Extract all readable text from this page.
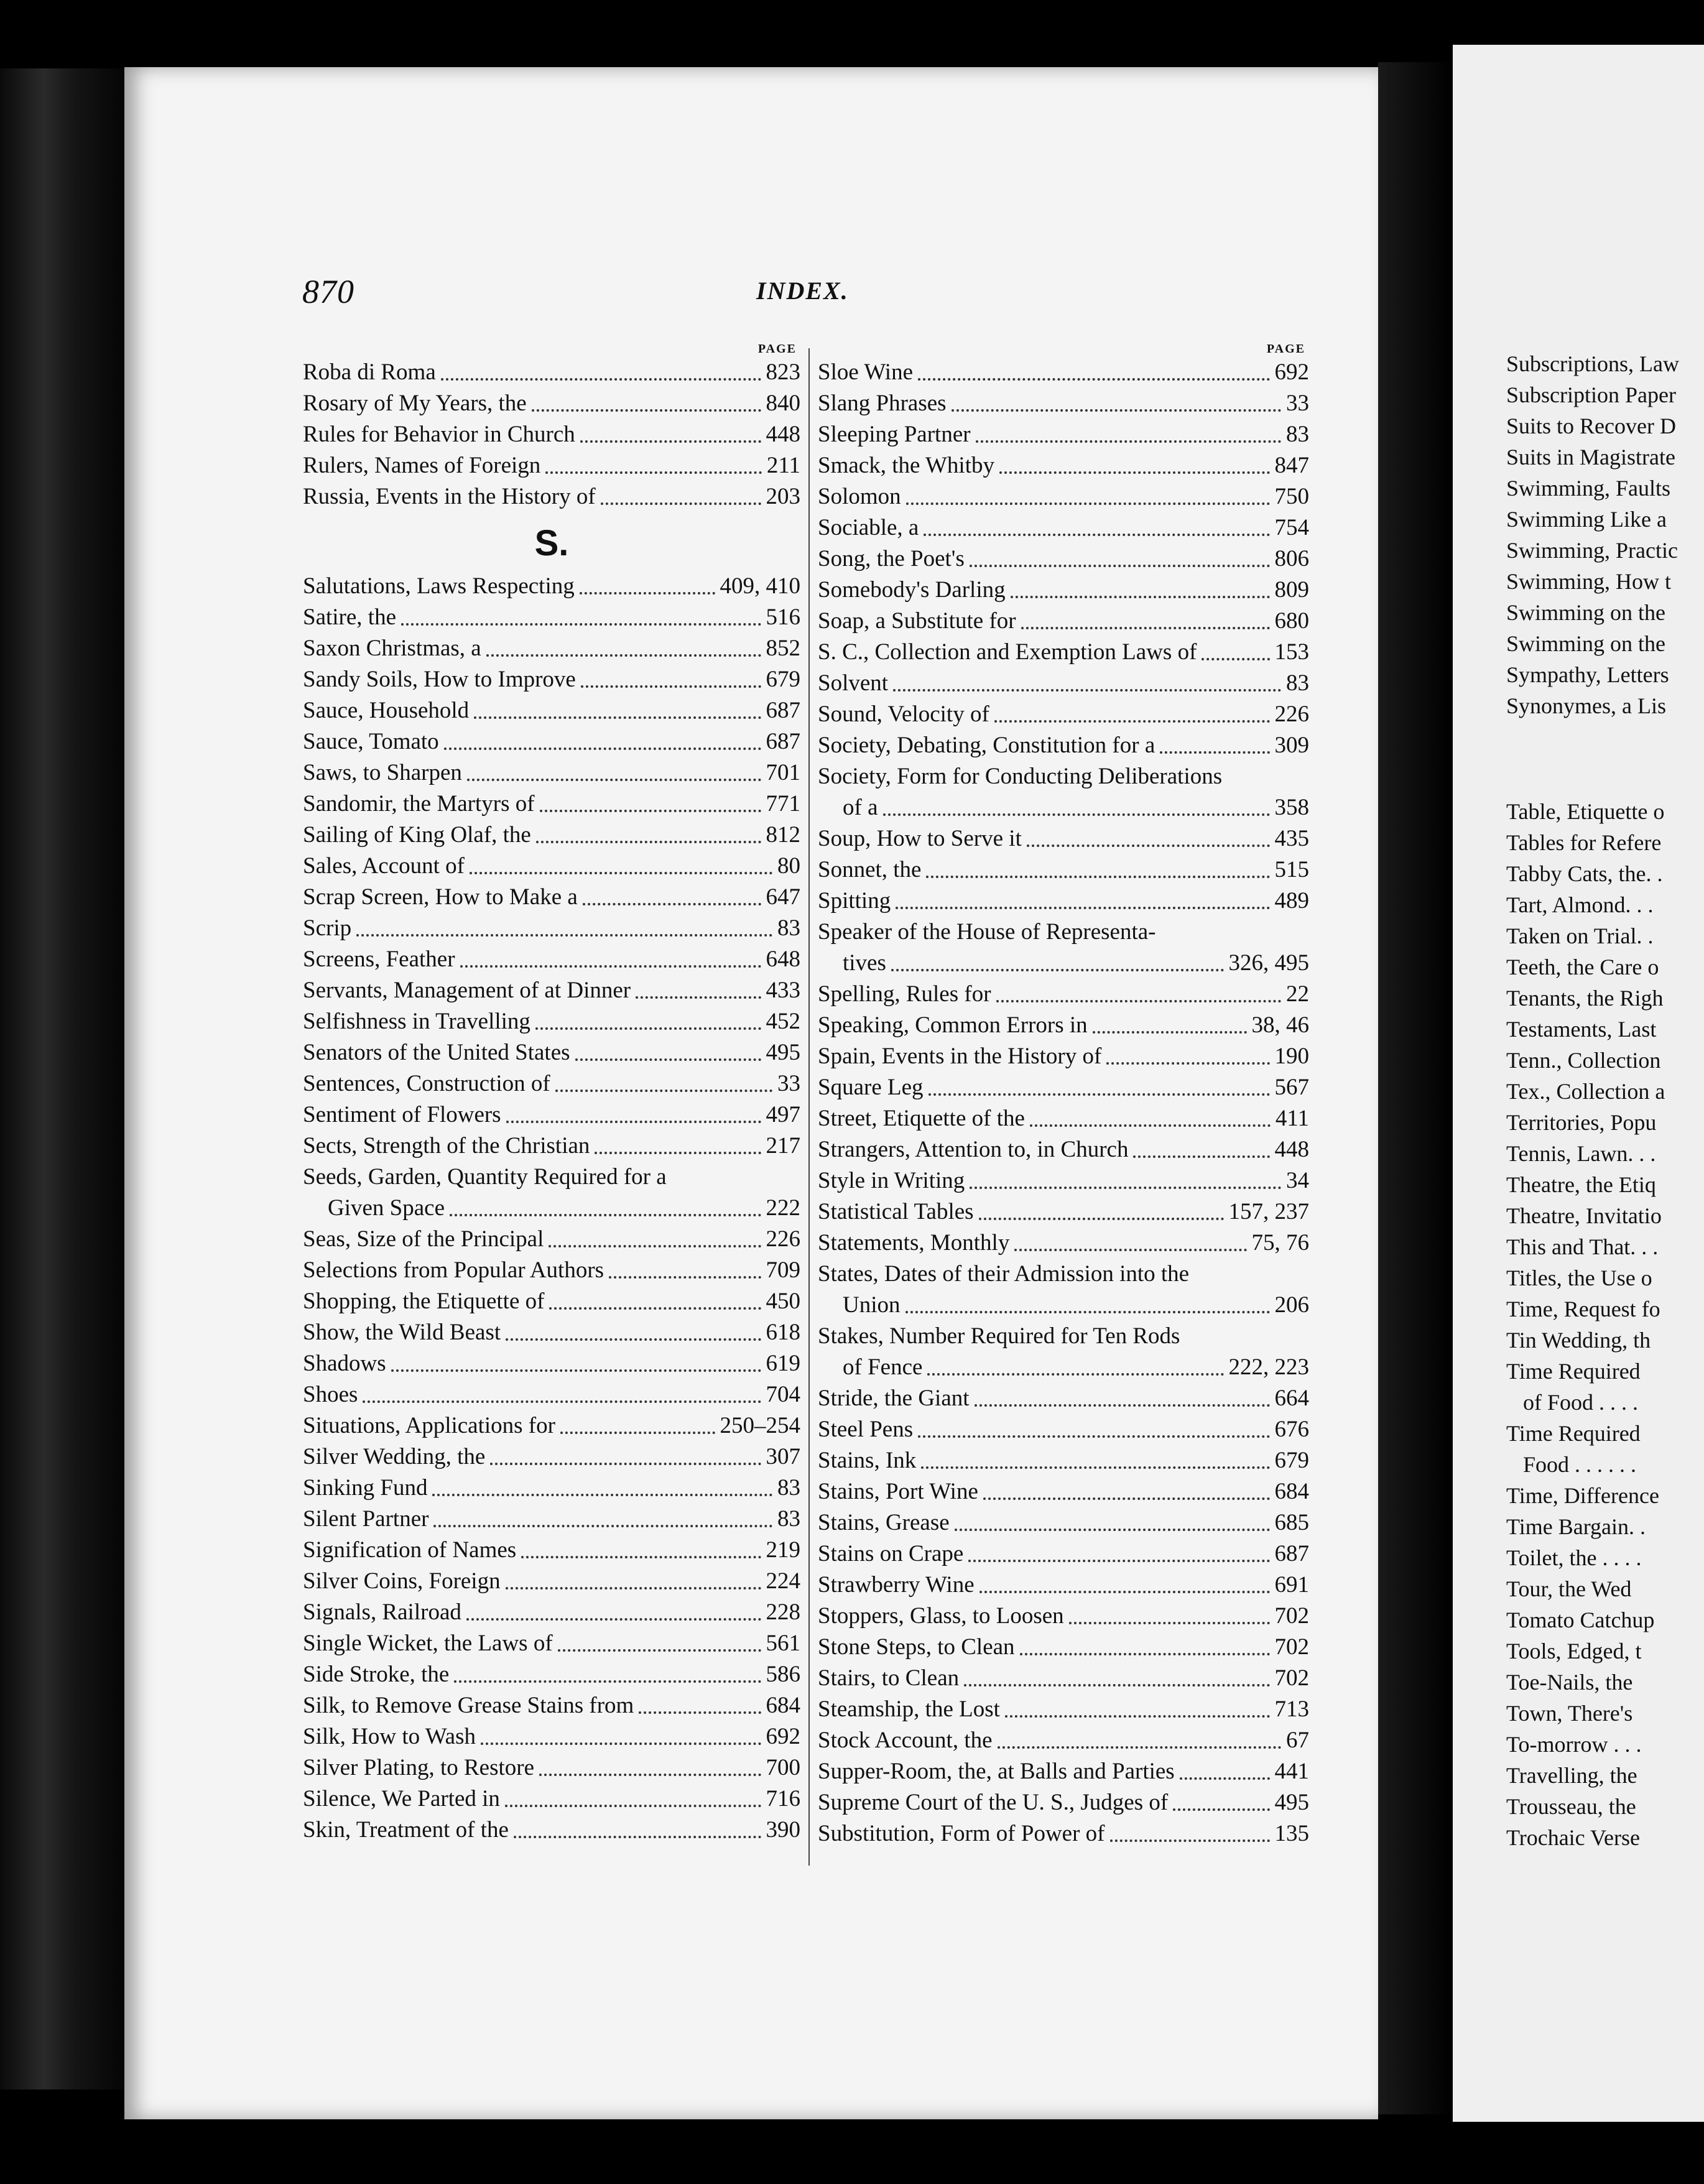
Subscriptions, Law
Subscription Paper
Suits to Recover D
Suits in Magistrate
Swimming, Faults
Swimming Like a
Swimming, Practic
Swimming, How t
Swimming on the
Swimming on the
Sympathy, Letters
Synonymes, a Lis
Table, Etiquette o
Tables for Refere
Tabby Cats, the. .
Tart, Almond. . .
Taken on Trial. .
Teeth, the Care o
Tenants, the Righ
Testaments, Last
Tenn., Collection
Tex., Collection a
Territories, Popu
Tennis, Lawn. . .
Theatre, the Etiq
Theatre, Invitatio
This and That. . .
Titles, the Use o
Time, Request fo
Tin Wedding, th
Time Required
of Food . . . .
Time Required
Food . . . . . .
Time, Difference
Time Bargain. .
Toilet, the . . . .
Tour, the Wed
Tomato Catchup
Tools, Edged, t
Toe-Nails, the
Town, There's
To-morrow . . .
Travelling, the
Trousseau, the
Trochaic Verse
870	INDEX.
PAGE
Roba di Roma	823
Rosary of My Years, the	840
Rules for Behavior in Church	448
Rulers, Names of Foreign	211
Russia, Events in the History of	203
S.
Salutations, Laws Respecting	409, 410
Satire, the	516
Saxon Christmas, a	852
Sandy Soils, How to Improve	679
Sauce, Household	687
Sauce, Tomato	687
Saws, to Sharpen	701
Sandomir, the Martyrs of	771
Sailing of King Olaf, the	812
Sales, Account of	80
Scrap Screen, How to Make a	647
Scrip	83
Screens, Feather	648
Servants, Management of at Dinner	433
Selfishness in Travelling	452
Senators of the United States	495
Sentences, Construction of	33
Sentiment of Flowers	497
Sects, Strength of the Christian	217
Seeds, Garden, Quantity Required for a
Given Space	222
Seas, Size of the Principal	226
Selections from Popular Authors	709
Shopping, the Etiquette of	450
Show, the Wild Beast	618
Shadows	619
Shoes	704
Situations, Applications for	250–254
Silver Wedding, the	307
Sinking Fund	83
Silent Partner	83
Signification of Names	219
Silver Coins, Foreign	224
Signals, Railroad	228
Single Wicket, the Laws of	561
Side Stroke, the	586
Silk, to Remove Grease Stains from	684
Silk, How to Wash	692
Silver Plating, to Restore	700
Silence, We Parted in	716
Skin, Treatment of the	390
PAGE
Sloe Wine	692
Slang Phrases	33
Sleeping Partner	83
Smack, the Whitby	847
Solomon	750
Sociable, a	754
Song, the Poet's	806
Somebody's Darling	809
Soap, a Substitute for	680
S. C., Collection and Exemption Laws of	153
Solvent	83
Sound, Velocity of	226
Society, Debating, Constitution for a	309
Society, Form for Conducting Deliberations
of a	358
Soup, How to Serve it	435
Sonnet, the	515
Spitting	489
Speaker of the House of Representa-
tives	326, 495
Spelling, Rules for	22
Speaking, Common Errors in	38, 46
Spain, Events in the History of	190
Square Leg	567
Street, Etiquette of the	411
Strangers, Attention to, in Church	448
Style in Writing	34
Statistical Tables	157, 237
Statements, Monthly	75, 76
States, Dates of their Admission into the
Union	206
Stakes, Number Required for Ten Rods
of Fence	222, 223
Stride, the Giant	664
Steel Pens	676
Stains, Ink	679
Stains, Port Wine	684
Stains, Grease	685
Stains on Crape	687
Strawberry Wine	691
Stoppers, Glass, to Loosen	702
Stone Steps, to Clean	702
Stairs, to Clean	702
Steamship, the Lost	713
Stock Account, the	67
Supper-Room, the, at Balls and Parties	441
Supreme Court of the U. S., Judges of	495
Substitution, Form of Power of	135
